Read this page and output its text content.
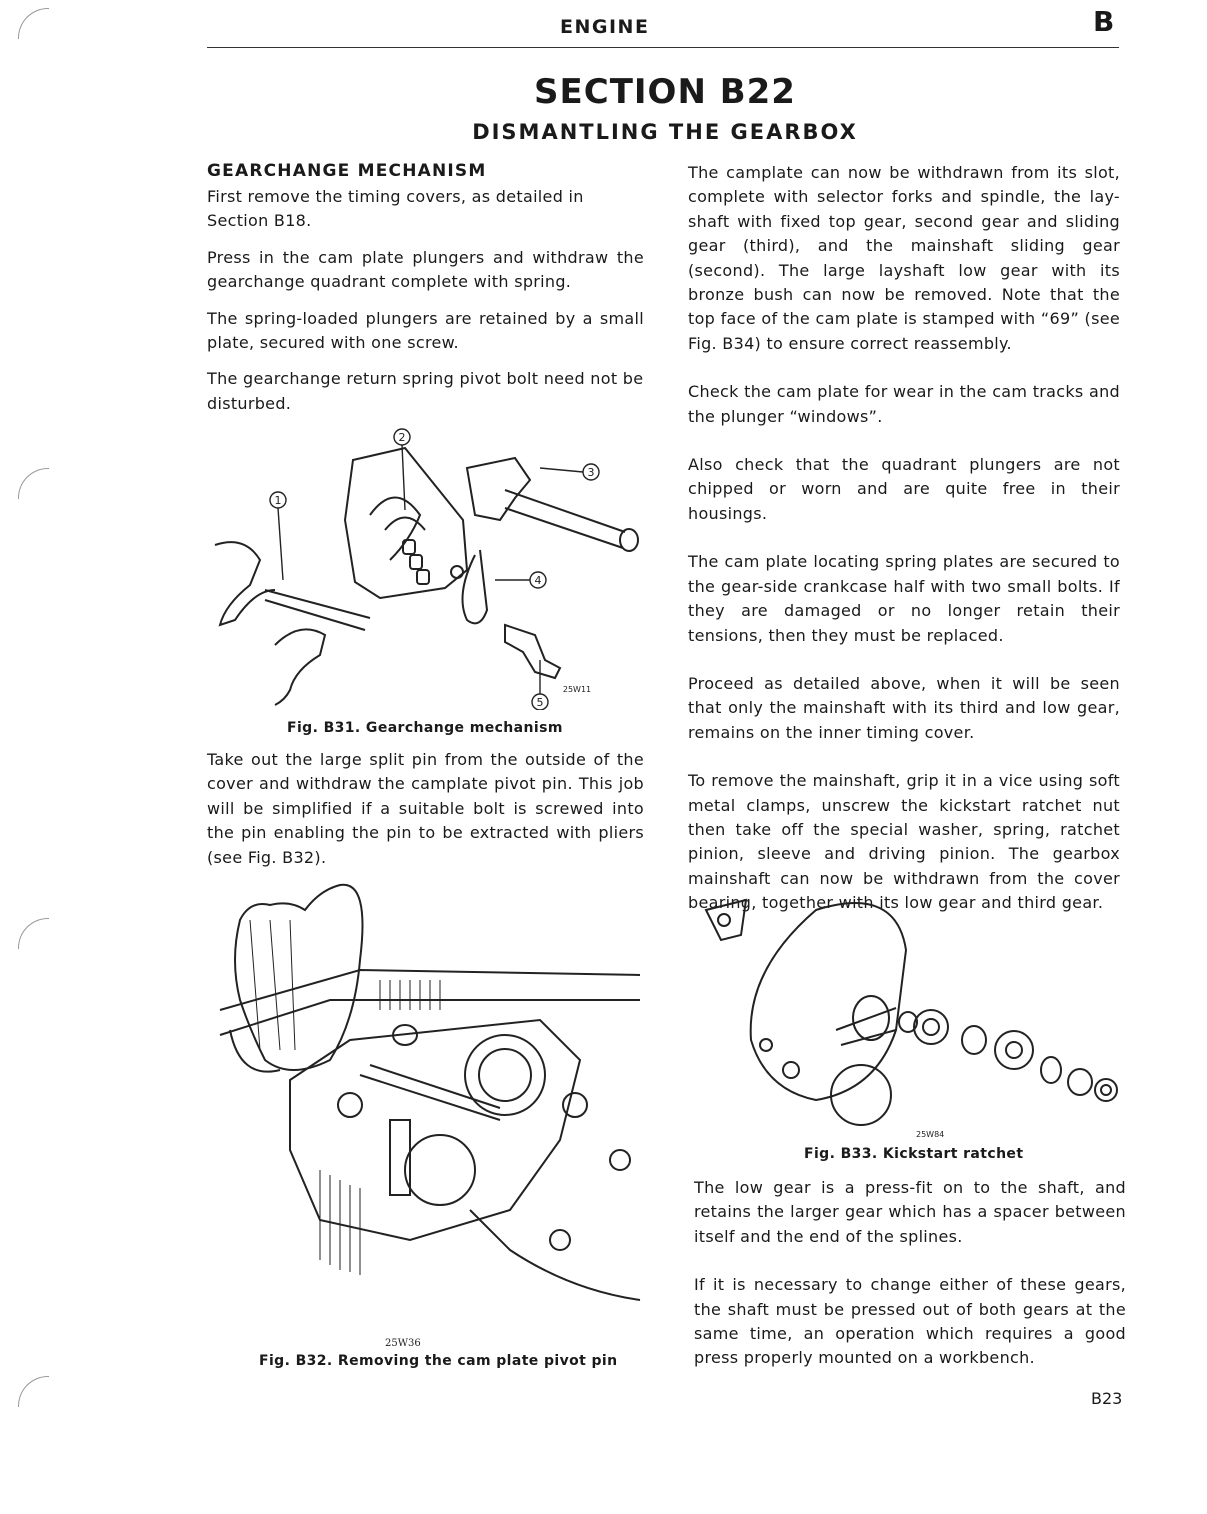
ENGINE	B
SECTION B22
DISMANTLING THE GEARBOX
GEARCHANGE MECHANISM

First remove the timing covers, as detailed in Section B18.

Press in the cam plate plungers and withdraw the gearchange quadrant complete with spring.

The spring-loaded plungers are retained by a small plate, secured with one screw.

The gearchange return spring pivot bolt need not be disturbed.

2
1
3
4
5
25W11
Fig. B31. Gearchange mechanism

Take out the large split pin from the outside of the cover and withdraw the camplate pivot pin. This job will be simplified if a suitable bolt is screwed into the pin enabling the pin to be extracted with pliers (see Fig. B32).

25W36
Fig. B32. Removing the cam plate pivot pin

The camplate can now be withdrawn from its slot, complete with selector forks and spindle, the lay-shaft with fixed top gear, second gear and sliding gear (third), and the mainshaft sliding gear (second). The large layshaft low gear with its bronze bush can now be removed. Note that the top face of the cam plate is stamped with “69” (see Fig. B34) to ensure correct reassembly.

Check the cam plate for wear in the cam tracks and the plunger “windows”.

Also check that the quadrant plungers are not chipped or worn and are quite free in their housings.

The cam plate locating spring plates are secured to the gear-side crankcase half with two small bolts. If they are damaged or no longer retain their tensions, then they must be replaced.

Proceed as detailed above, when it will be seen that only the mainshaft with its third and low gear, remains on the inner timing cover.

To remove the mainshaft, grip it in a vice using soft metal clamps, unscrew the kickstart ratchet nut then take off the special washer, spring, ratchet pinion, sleeve and driving pinion. The gearbox mainshaft can now be withdrawn from the cover bearing, together with its low gear and third gear.

25W84
Fig. B33. Kickstart ratchet

The low gear is a press-fit on to the shaft, and retains the larger gear which has a spacer between itself and the end of the splines.

If it is necessary to change either of these gears, the shaft must be pressed out of both gears at the same time, an operation which requires a good press properly mounted on a workbench.

B23
